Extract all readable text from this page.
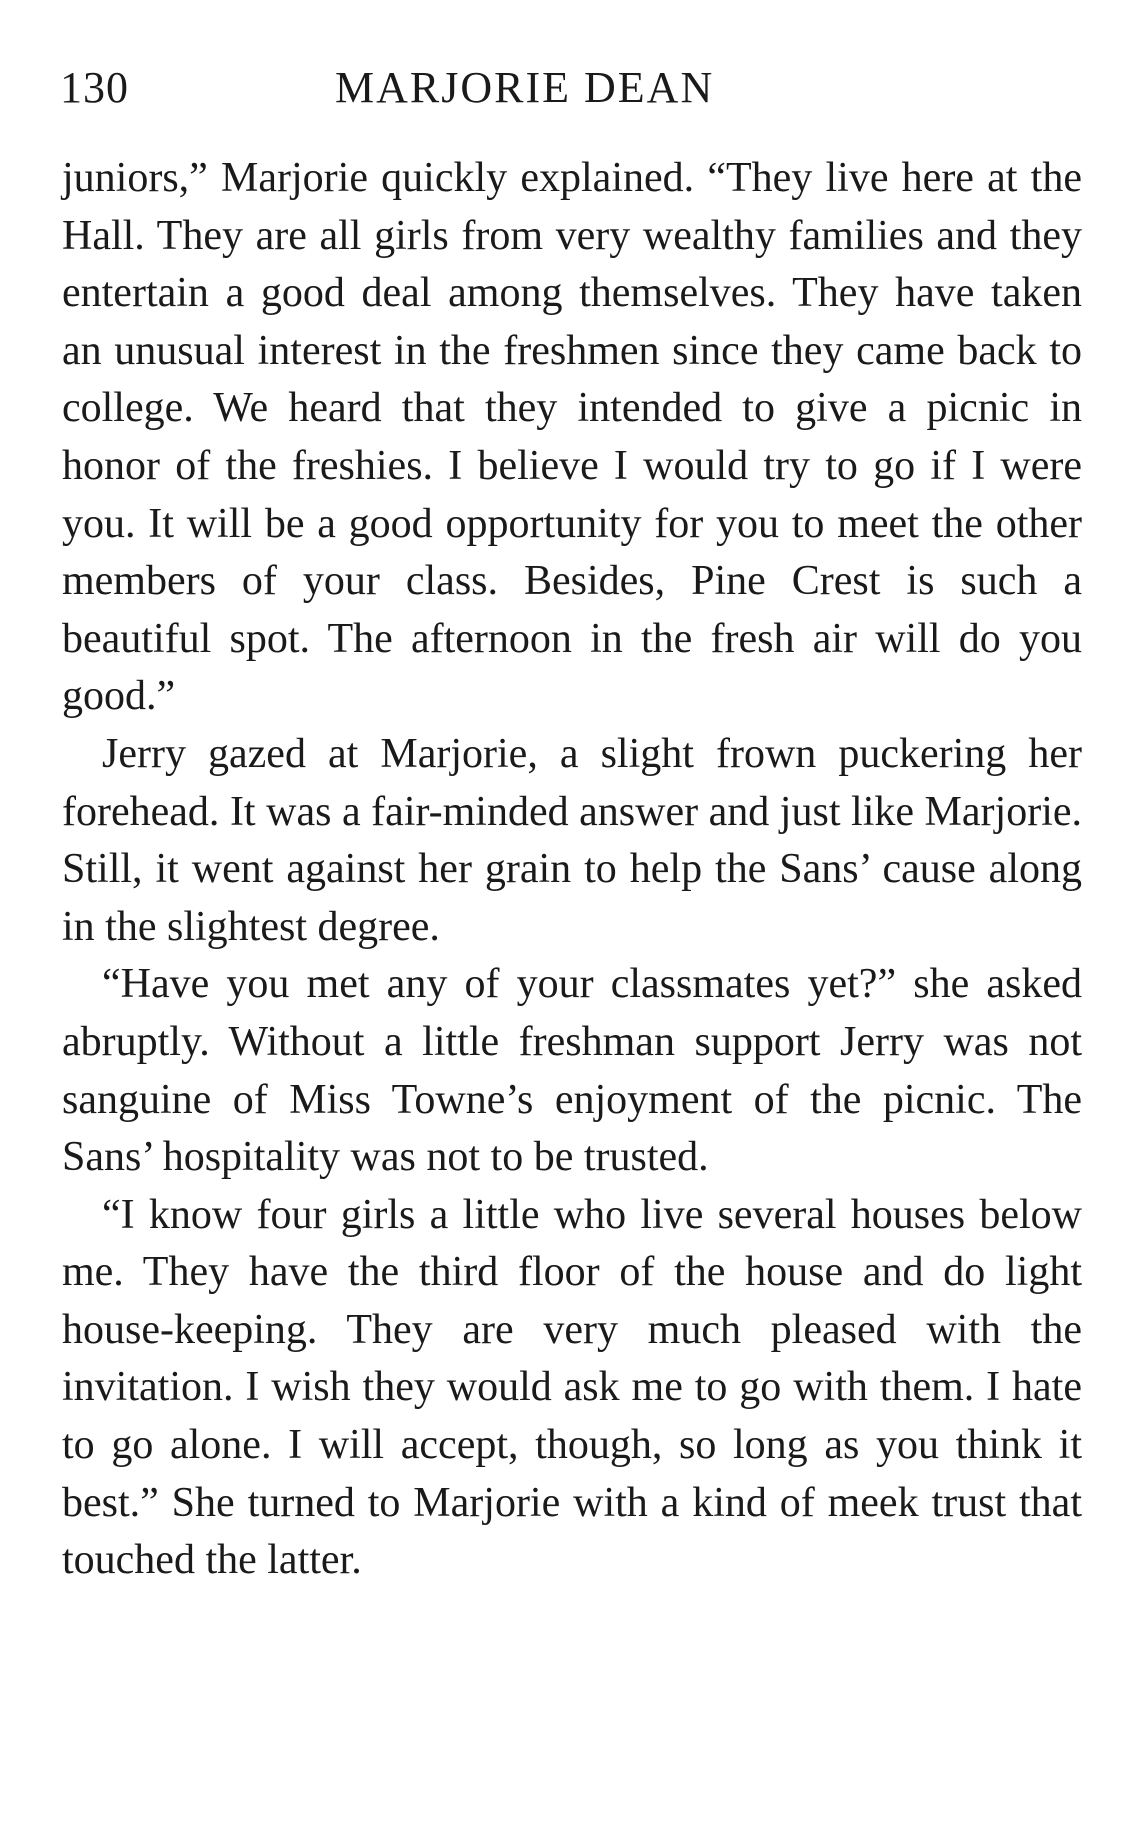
130	MARJORIE DEAN

juniors,” Marjorie quickly explained. “They live here at the Hall. They are all girls from very wealthy families and they entertain a good deal among themselves. They have taken an unusual interest in the freshmen since they came back to college. We heard that they intended to give a picnic in honor of the freshies. I believe I would try to go if I were you. It will be a good opportunity for you to meet the other members of your class. Besides, Pine Crest is such a beautiful spot. The afternoon in the fresh air will do you good.”

Jerry gazed at Marjorie, a slight frown puckering her forehead. It was a fair-minded answer and just like Marjorie. Still, it went against her grain to help the Sans’ cause along in the slightest degree.

“Have you met any of your classmates yet?” she asked abruptly. Without a little freshman support Jerry was not sanguine of Miss Towne’s enjoyment of the picnic. The Sans’ hospitality was not to be trusted.

“I know four girls a little who live several houses below me. They have the third floor of the house and do light house-keeping. They are very much pleased with the invitation. I wish they would ask me to go with them. I hate to go alone. I will accept, though, so long as you think it best.” She turned to Marjorie with a kind of meek trust that touched the latter.
